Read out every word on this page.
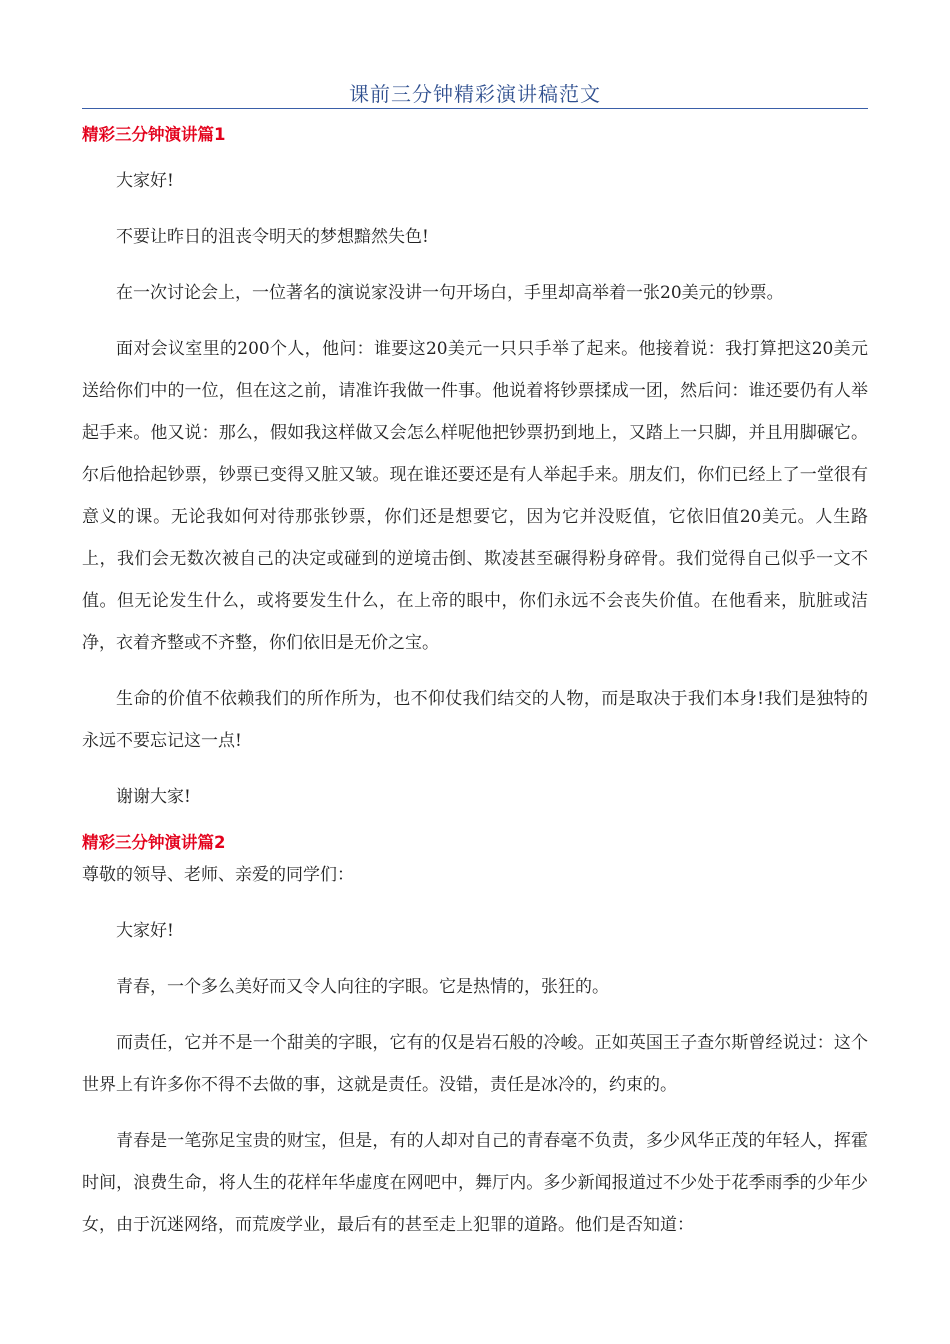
课前三分钟精彩演讲稿范文

精彩三分钟演讲篇1

大家好!

不要让昨日的沮丧令明天的梦想黯然失色!

在一次讨论会上，一位著名的演说家没讲一句开场白，手里却高举着一张20美元的钞票。

面对会议室里的200个人，他问：谁要这20美元一只只手举了起来。他接着说：我打算把这20美元送给你们中的一位，但在这之前，请准许我做一件事。他说着将钞票揉成一团，然后问：谁还要仍有人举起手来。他又说：那么，假如我这样做又会怎么样呢他把钞票扔到地上，又踏上一只脚，并且用脚碾它。尔后他拾起钞票，钞票已变得又脏又皱。现在谁还要还是有人举起手来。朋友们，你们已经上了一堂很有意义的课。无论我如何对待那张钞票，你们还是想要它，因为它并没贬值，它依旧值20美元。人生路上，我们会无数次被自己的决定或碰到的逆境击倒、欺凌甚至碾得粉身碎骨。我们觉得自己似乎一文不值。但无论发生什么，或将要发生什么，在上帝的眼中，你们永远不会丧失价值。在他看来，肮脏或洁净，衣着齐整或不齐整，你们依旧是无价之宝。

生命的价值不依赖我们的所作所为，也不仰仗我们结交的人物，而是取决于我们本身!我们是独特的永远不要忘记这一点!

谢谢大家!

精彩三分钟演讲篇2

尊敬的领导、老师、亲爱的同学们：

大家好!

青春，一个多么美好而又令人向往的字眼。它是热情的，张狂的。

而责任，它并不是一个甜美的字眼，它有的仅是岩石般的冷峻。正如英国王子查尔斯曾经说过：这个世界上有许多你不得不去做的事，这就是责任。没错，责任是冰冷的，约束的。

青春是一笔弥足宝贵的财宝，但是，有的人却对自己的青春毫不负责，多少风华正茂的年轻人，挥霍时间，浪费生命，将人生的花样年华虚度在网吧中，舞厅内。多少新闻报道过不少处于花季雨季的少年少女，由于沉迷网络，而荒废学业，最后有的甚至走上犯罪的道路。他们是否知道：
